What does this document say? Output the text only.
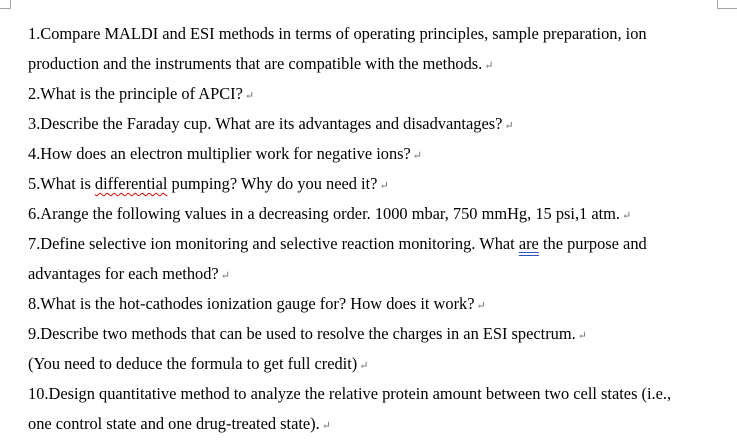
1.Compare MALDI and ESI methods in terms of operating principles, sample preparation, ion
production and the instruments that are compatible with the methods. ↵
2.What is the principle of APCI? ↵
3.Describe the Faraday cup. What are its advantages and disadvantages? ↵
4.How does an electron multiplier work for negative ions? ↵
5.What is differential pumping? Why do you need it? ↵
6.Arange the following values in a decreasing order. 1000 mbar, 750 mmHg, 15 psi,1 atm. ↵
7.Define selective ion monitoring and selective reaction monitoring. What are the purpose and
advantages for each method? ↵
8.What is the hot-cathodes ionization gauge for? How does it work? ↵
9.Describe two methods that can be used to resolve the charges in an ESI spectrum. ↵
(You need to deduce the formula to get full credit) ↵
10.Design quantitative method to analyze the relative protein amount between two cell states (i.e.,
one control state and one drug-treated state). ↵
